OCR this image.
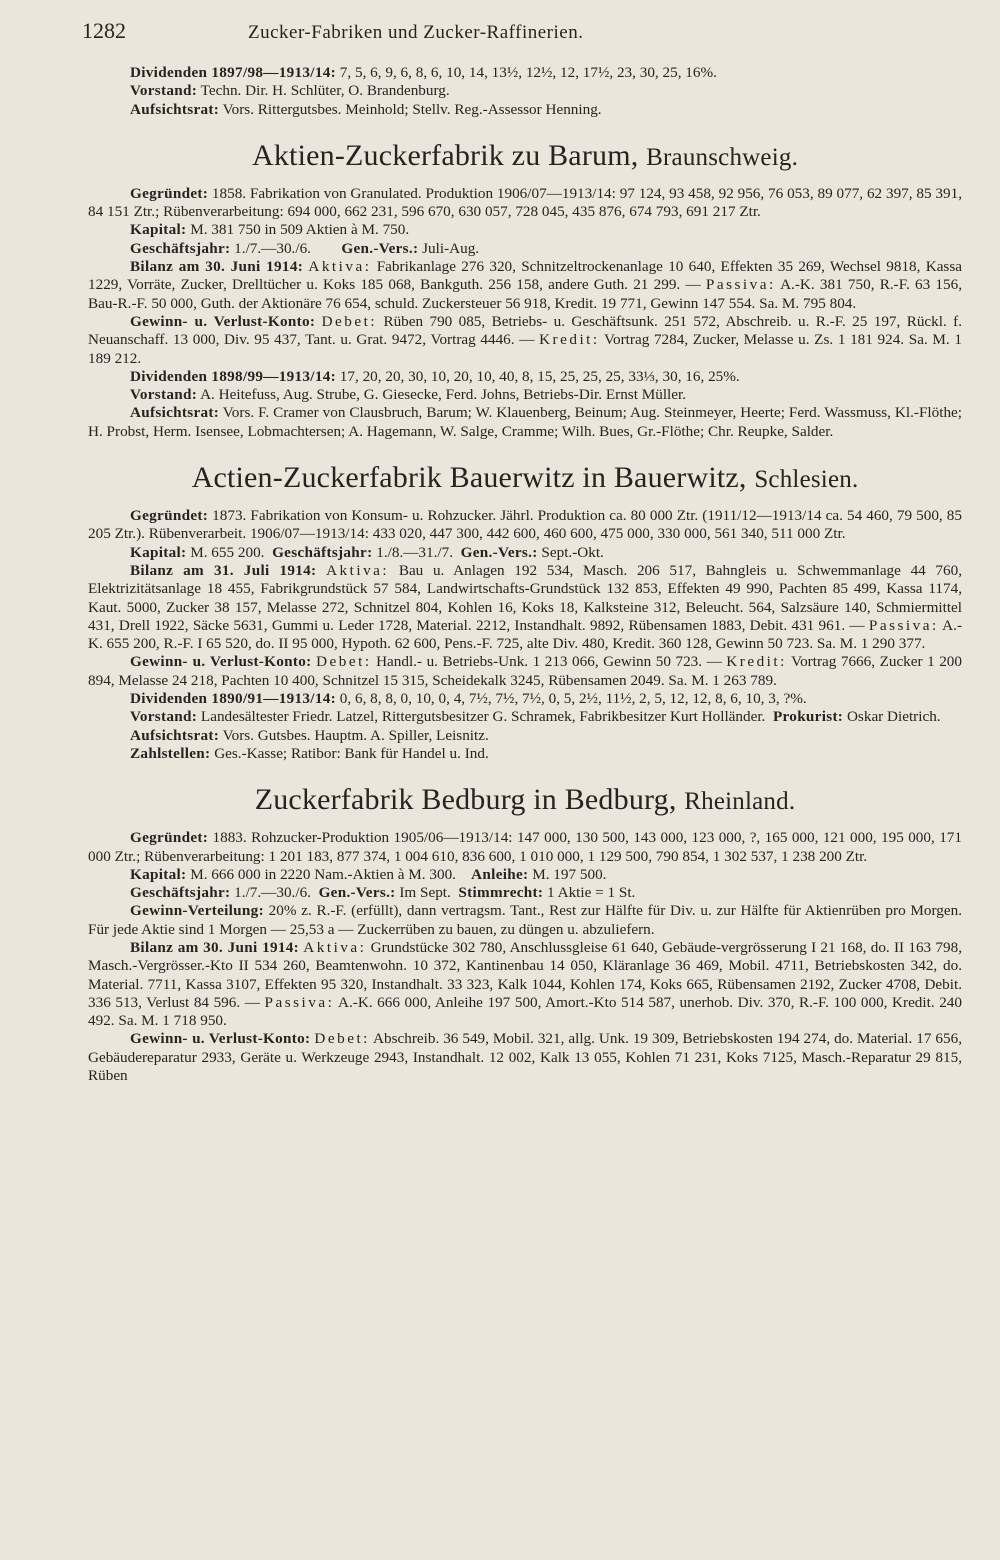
1282	Zucker-Fabriken und Zucker-Raffinerien.

Dividenden 1897/98—1913/14: 7, 5, 6, 9, 6, 8, 6, 10, 14, 13½, 12½, 12, 17½, 23, 30, 25, 16%.

Vorstand: Techn. Dir. H. Schlüter, O. Brandenburg.

Aufsichtsrat: Vors. Rittergutsbes. Meinhold; Stellv. Reg.-Assessor Henning.

Aktien-Zuckerfabrik zu Barum, Braunschweig.

Gegründet: 1858. Fabrikation von Granulated. Produktion 1906/07—1913/14: 97 124, 93 458, 92 956, 76 053, 89 077, 62 397, 85 391, 84 151 Ztr.; Rübenverarbeitung: 694 000, 662 231, 596 670, 630 057, 728 045, 435 876, 674 793, 691 217 Ztr.

Kapital: M. 381 750 in 509 Aktien à M. 750.

Geschäftsjahr: 1./7.—30./6. Gen.-Vers.: Juli-Aug.

Bilanz am 30. Juni 1914: Aktiva: Fabrikanlage 276 320, Schnitzeltrockenanlage 10 640, Effekten 35 269, Wechsel 9818, Kassa 1229, Vorräte, Zucker, Drelltücher u. Koks 185 068, Bankguth. 256 158, andere Guth. 21 299. — Passiva: A.-K. 381 750, R.-F. 63 156, Bau-R.-F. 50 000, Guth. der Aktionäre 76 654, schuld. Zuckersteuer 56 918, Kredit. 19 771, Gewinn 147 554. Sa. M. 795 804.

Gewinn- u. Verlust-Konto: Debet: Rüben 790 085, Betriebs- u. Geschäftsunk. 251 572, Abschreib. u. R.-F. 25 197, Rückl. f. Neuanschaff. 13 000, Div. 95 437, Tant. u. Grat. 9472, Vortrag 4446. — Kredit: Vortrag 7284, Zucker, Melasse u. Zs. 1 181 924. Sa. M. 1 189 212.

Dividenden 1898/99—1913/14: 17, 20, 20, 30, 10, 20, 10, 40, 8, 15, 25, 25, 25, 33⅓, 30, 16, 25%.

Vorstand: A. Heitefuss, Aug. Strube, G. Giesecke, Ferd. Johns, Betriebs-Dir. Ernst Müller.

Aufsichtsrat: Vors. F. Cramer von Clausbruch, Barum; W. Klauenberg, Beinum; Aug. Steinmeyer, Heerte; Ferd. Wassmuss, Kl.-Flöthe; H. Probst, Herm. Isensee, Lobmachtersen; A. Hagemann, W. Salge, Cramme; Wilh. Bues, Gr.-Flöthe; Chr. Reupke, Salder.

Actien-Zuckerfabrik Bauerwitz in Bauerwitz, Schlesien.

Gegründet: 1873. Fabrikation von Konsum- u. Rohzucker. Jährl. Produktion ca. 80 000 Ztr. (1911/12—1913/14 ca. 54 460, 79 500, 85 205 Ztr.). Rübenverarbeit. 1906/07—1913/14: 433 020, 447 300, 442 600, 460 600, 475 000, 330 000, 561 340, 511 000 Ztr.

Kapital: M. 655 200. Geschäftsjahr: 1./8.—31./7. Gen.-Vers.: Sept.-Okt.

Bilanz am 31. Juli 1914: Aktiva: Bau u. Anlagen 192 534, Masch. 206 517, Bahngleis u. Schwemmanlage 44 760, Elektrizitätsanlage 18 455, Fabrikgrundstück 57 584, Landwirtschafts-Grundstück 132 853, Effekten 49 990, Pachten 85 499, Kassa 1174, Kaut. 5000, Zucker 38 157, Melasse 272, Schnitzel 804, Kohlen 16, Koks 18, Kalksteine 312, Beleucht. 564, Salzsäure 140, Schmiermittel 431, Drell 1922, Säcke 5631, Gummi u. Leder 1728, Material. 2212, Instandhalt. 9892, Rübensamen 1883, Debit. 431 961. — Passiva: A.-K. 655 200, R.-F. I 65 520, do. II 95 000, Hypoth. 62 600, Pens.-F. 725, alte Div. 480, Kredit. 360 128, Gewinn 50 723. Sa. M. 1 290 377.

Gewinn- u. Verlust-Konto: Debet: Handl.- u. Betriebs-Unk. 1 213 066, Gewinn 50 723. — Kredit: Vortrag 7666, Zucker 1 200 894, Melasse 24 218, Pachten 10 400, Schnitzel 15 315, Scheidekalk 3245, Rübensamen 2049. Sa. M. 1 263 789.

Dividenden 1890/91—1913/14: 0, 6, 8, 8, 0, 10, 0, 4, 7½, 7½, 7½, 0, 5, 2½, 11½, 2, 5, 12, 12, 8, 6, 10, 3, ?%.

Vorstand: Landesältester Friedr. Latzel, Rittergutsbesitzer G. Schramek, Fabrikbesitzer Kurt Holländer. Prokurist: Oskar Dietrich.

Aufsichtsrat: Vors. Gutsbes. Hauptm. A. Spiller, Leisnitz.

Zahlstellen: Ges.-Kasse; Ratibor: Bank für Handel u. Ind.

Zuckerfabrik Bedburg in Bedburg, Rheinland.

Gegründet: 1883. Rohzucker-Produktion 1905/06—1913/14: 147 000, 130 500, 143 000, 123 000, ?, 165 000, 121 000, 195 000, 171 000 Ztr.; Rübenverarbeitung: 1 201 183, 877 374, 1 004 610, 836 600, 1 010 000, 1 129 500, 790 854, 1 302 537, 1 238 200 Ztr.

Kapital: M. 666 000 in 2220 Nam.-Aktien à M. 300. Anleihe: M. 197 500.

Geschäftsjahr: 1./7.—30./6. Gen.-Vers.: Im Sept. Stimmrecht: 1 Aktie = 1 St.

Gewinn-Verteilung: 20% z. R.-F. (erfüllt), dann vertragsm. Tant., Rest zur Hälfte für Div. u. zur Hälfte für Aktienrüben pro Morgen. Für jede Aktie sind 1 Morgen — 25,53 a — Zuckerrüben zu bauen, zu düngen u. abzuliefern.

Bilanz am 30. Juni 1914: Aktiva: Grundstücke 302 780, Anschlussgleise 61 640, Gebäude-vergrösserung I 21 168, do. II 163 798, Masch.-Vergrösser.-Kto II 534 260, Beamtenwohn. 10 372, Kantinenbau 14 050, Kläranlage 36 469, Mobil. 4711, Betriebskosten 342, do. Material. 7711, Kassa 3107, Effekten 95 320, Instandhalt. 33 323, Kalk 1044, Kohlen 174, Koks 665, Rübensamen 2192, Zucker 4708, Debit. 336 513, Verlust 84 596. — Passiva: A.-K. 666 000, Anleihe 197 500, Amort.-Kto 514 587, unerhob. Div. 370, R.-F. 100 000, Kredit. 240 492. Sa. M. 1 718 950.

Gewinn- u. Verlust-Konto: Debet: Abschreib. 36 549, Mobil. 321, allg. Unk. 19 309, Betriebskosten 194 274, do. Material. 17 656, Gebäudereparatur 2933, Geräte u. Werkzeuge 2943, Instandhalt. 12 002, Kalk 13 055, Kohlen 71 231, Koks 7125, Masch.-Reparatur 29 815, Rüben
